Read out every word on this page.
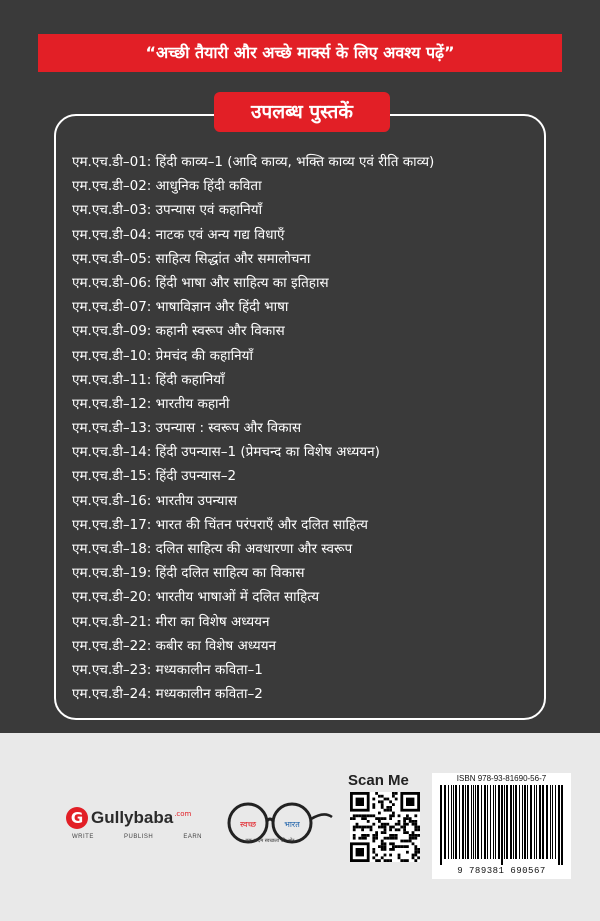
“अच्छी तैयारी और अच्छे मार्क्स के लिए अवश्य पढ़ें”
उपलब्ध पुस्तकें
एम.एच.डी–01: हिंदी काव्य–1 (आदि काव्य, भक्ति काव्य एवं रीति काव्य)
एम.एच.डी–02: आधुनिक हिंदी कविता
एम.एच.डी–03: उपन्यास एवं कहानियाँ
एम.एच.डी–04: नाटक एवं अन्य गद्य विधाएँ
एम.एच.डी–05: साहित्य सिद्धांत और समालोचना
एम.एच.डी–06: हिंदी भाषा और साहित्य का इतिहास
एम.एच.डी–07: भाषाविज्ञान और हिंदी भाषा
एम.एच.डी–09: कहानी स्वरूप और विकास
एम.एच.डी–10: प्रेमचंद की कहानियाँ
एम.एच.डी–11: हिंदी कहानियाँ
एम.एच.डी–12: भारतीय कहानी
एम.एच.डी–13: उपन्यास : स्वरूप और विकास
एम.एच.डी–14: हिंदी उपन्यास–1 (प्रेमचन्द का विशेष अध्ययन)
एम.एच.डी–15: हिंदी उपन्यास–2
एम.एच.डी–16: भारतीय उपन्यास
एम.एच.डी–17: भारत की चिंतन परंपराएँ और दलित साहित्य
एम.एच.डी–18: दलित साहित्य की अवधारणा और स्वरूप
एम.एच.डी–19: हिंदी दलित साहित्य का विकास
एम.एच.डी–20: भारतीय भाषाओं में दलित साहित्य
एम.एच.डी–21: मीरा का विशेष अध्ययन
एम.एच.डी–22: कबीर का विशेष अध्ययन
एम.एच.डी–23: मध्यकालीन कविता–1
एम.एच.डी–24: मध्यकालीन कविता–2
G Gullybaba .com
WRITE	PUBLISH	EARN
स्वच्छ	भारत
एक कदम स्वच्छता की ओर
Scan Me	ISBN 978-93-81690-56-7
9 789381 690567
